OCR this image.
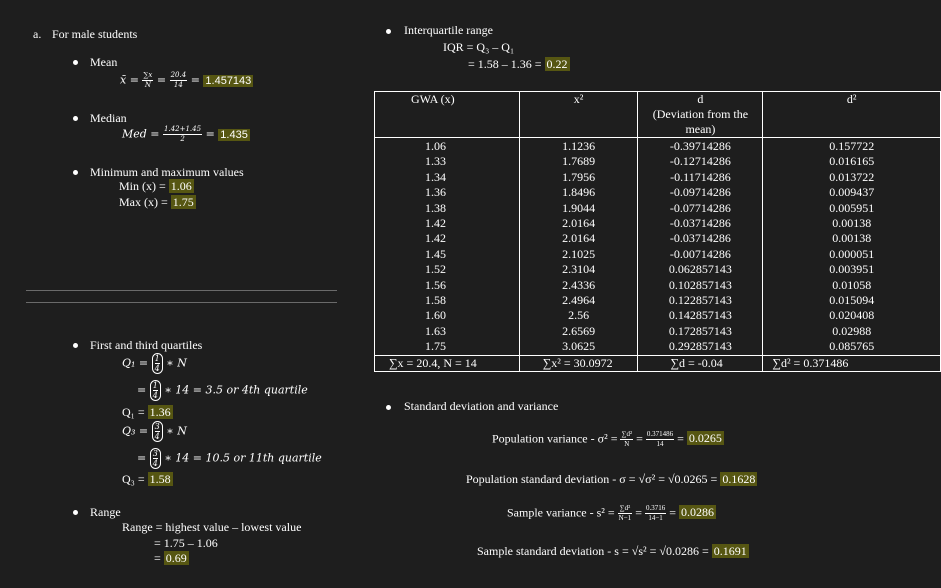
a. For male students
Mean
x̄ = $\frac{\sum x}{N} = \frac{20.4}{14} = 1.457143$
Median
Med = $\frac{1.42+1.45}{2} = 1.435$
Minimum and maximum values
Min (x) = 1.06
Max (x) = 1.75
First and third quartiles
$Q_1 = \frac{1}{4}$ ∗ N
= $\frac{1}{4}$ ∗ 14 = 3.5 or 4th quartile
Q₁ = 1.36
$Q_3 = \frac{3}{4}$ ∗ N
= $\frac{3}{4}$ ∗ 14 = 10.5 or 11th quartile
Q₃ = 1.58
Range
Range = highest value – lowest value
= 1.75 – 1.06
= 0.69
Interquartile range
IQR = Q₃ – Q₁
= 1.58 – 1.36 = 0.22
GWA (x)	x²	d
(Deviation from the mean)	d²
1.06	1.1236	-0.39714286	0.157722
1.33	1.7689	-0.12714286	0.016165
1.34	1.7956	-0.11714286	0.013722
1.36	1.8496	-0.09714286	0.009437
1.38	1.9044	-0.07714286	0.005951
1.42	2.0164	-0.03714286	0.00138
1.42	2.0164	-0.03714286	0.00138
1.45	2.1025	-0.00714286	0.000051
1.52	2.3104	0.062857143	0.003951
1.56	2.4336	0.102857143	0.01058
1.58	2.4964	0.122857143	0.015094
1.60	2.56	0.142857143	0.020408
1.63	2.6569	0.172857143	0.02988
1.75	3.0625	0.292857143	0.085765
∑x = 20.4, N = 14	∑x² = 30.0972	∑d = -0.04	∑d² = 0.371486
Standard deviation and variance
Population variance - $\sigma^2 = \frac{\text{∑d²}}{N} = \frac{0.371486}{14} = 0.0265$
Population standard deviation - σ = √σ² = √0.0265 = 0.1628
Sample variance - $s^2 = \frac{\text{∑d²}}{N-1} = \frac{0.3716}{14-1} = 0.0286$
Sample standard deviation - s = √s² = √0.0286 = 0.1691
